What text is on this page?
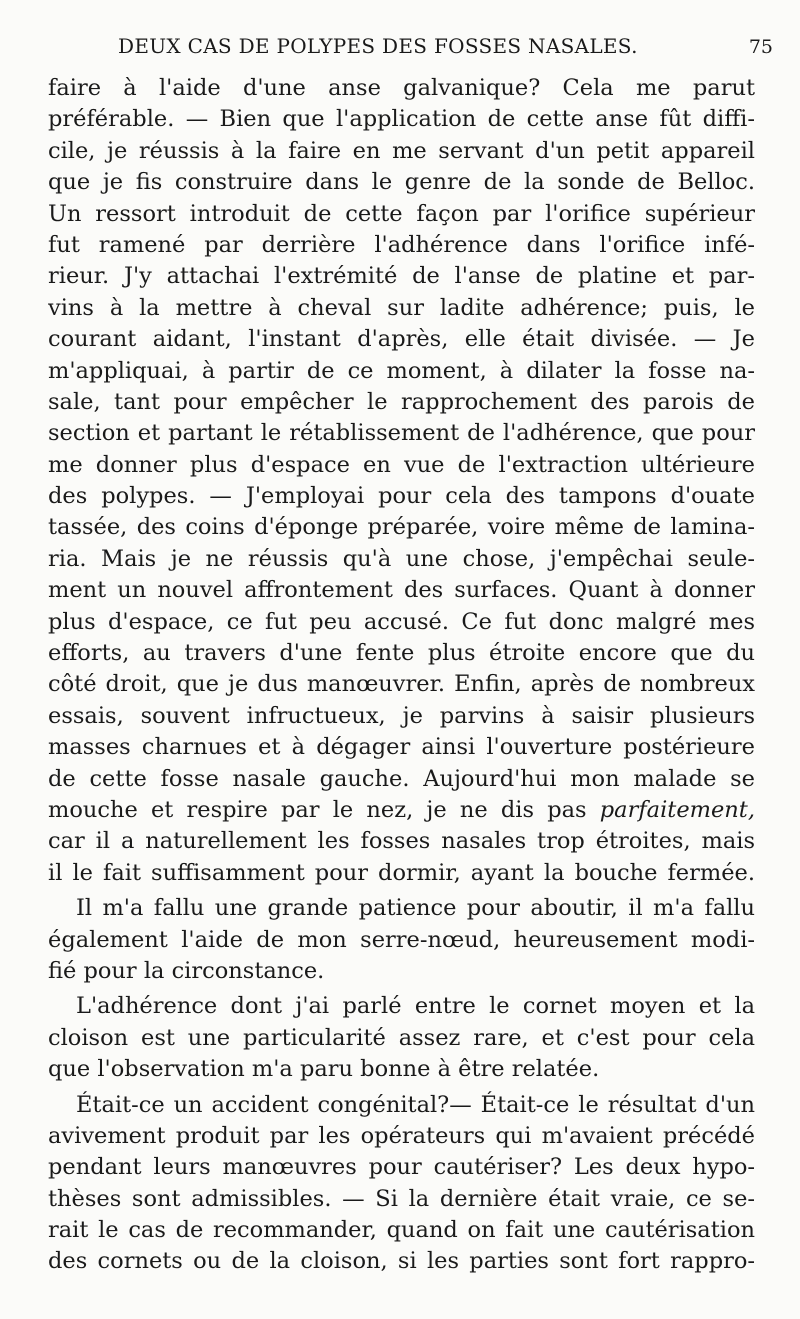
DEUX CAS DE POLYPES DES FOSSES NASALES.	75
faire à l'aide d'une anse galvanique? Cela me parut
préférable. — Bien que l'application de cette anse fût diffi-
cile, je réussis à la faire en me servant d'un petit appareil
que je fis construire dans le genre de la sonde de Belloc.
Un ressort introduit de cette façon par l'orifice supérieur
fut ramené par derrière l'adhérence dans l'orifice infé-
rieur. J'y attachai l'extrémité de l'anse de platine et par-
vins à la mettre à cheval sur ladite adhérence; puis, le
courant aidant, l'instant d'après, elle était divisée. — Je
m'appliquai, à partir de ce moment, à dilater la fosse na-
sale, tant pour empêcher le rapprochement des parois de
section et partant le rétablissement de l'adhérence, que pour
me donner plus d'espace en vue de l'extraction ultérieure
des polypes. — J'employai pour cela des tampons d'ouate
tassée, des coins d'éponge préparée, voire même de lamina-
ria. Mais je ne réussis qu'à une chose, j'empêchai seule-
ment un nouvel affrontement des surfaces. Quant à donner
plus d'espace, ce fut peu accusé. Ce fut donc malgré mes
efforts, au travers d'une fente plus étroite encore que du
côté droit, que je dus manœuvrer. Enfin, après de nombreux
essais, souvent infructueux, je parvins à saisir plusieurs
masses charnues et à dégager ainsi l'ouverture postérieure
de cette fosse nasale gauche. Aujourd'hui mon malade se
mouche et respire par le nez, je ne dis pas parfaitement,
car il a naturellement les fosses nasales trop étroites, mais
il le fait suffisamment pour dormir, ayant la bouche fermée.
Il m'a fallu une grande patience pour aboutir, il m'a fallu
également l'aide de mon serre-nœud, heureusement modi-
fié pour la circonstance.
L'adhérence dont j'ai parlé entre le cornet moyen et la
cloison est une particularité assez rare, et c'est pour cela
que l'observation m'a paru bonne à être relatée.
Était-ce un accident congénital?— Était-ce le résultat d'un
avivement produit par les opérateurs qui m'avaient précédé
pendant leurs manœuvres pour cautériser? Les deux hypo-
thèses sont admissibles. — Si la dernière était vraie, ce se-
rait le cas de recommander, quand on fait une cautérisation
des cornets ou de la cloison, si les parties sont fort rappro-
